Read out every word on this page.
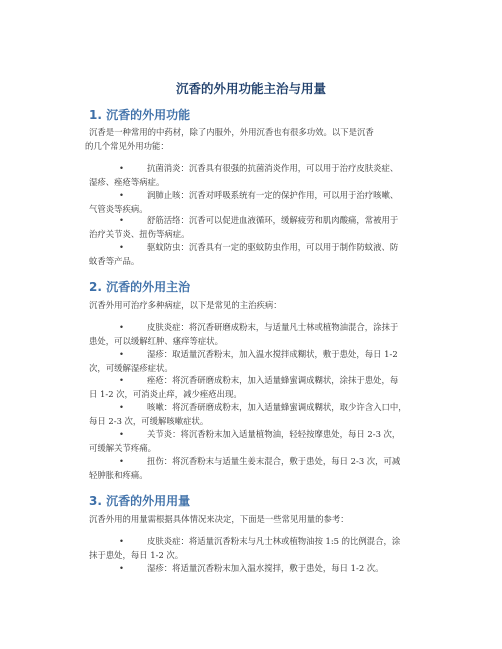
沉香的外用功能主治与用量
1. 沉香的外用功能

沉香是一种常用的中药材，除了内服外，外用沉香也有很多功效。以下是沉香
的几个常见外用功能：

•	抗菌消炎：沉香具有很强的抗菌消炎作用，可以用于治疗皮肤炎症、
湿疹、痤疮等病症。
•	润肺止咳：沉香对呼吸系统有一定的保护作用，可以用于治疗咳嗽、
气管炎等疾病。
•	舒筋活络：沉香可以促进血液循环，缓解疲劳和肌肉酸痛，常被用于
治疗关节炎、扭伤等病症。
•	驱蚊防虫：沉香具有一定的驱蚊防虫作用，可以用于制作防蚊液、防
蚊香等产品。
2. 沉香的外用主治

沉香外用可治疗多种病症，以下是常见的主治疾病：

•	皮肤炎症：将沉香研磨成粉末，与适量凡士林或植物油混合，涂抹于
患处，可以缓解红肿、瘙痒等症状。
•	湿疹：取适量沉香粉末，加入温水搅拌成糊状，敷于患处，每日 1-2
次，可缓解湿疹症状。
•	痤疮：将沉香研磨成粉末，加入适量蜂蜜调成糊状，涂抹于患处，每
日 1-2 次，可消炎止痒，减少痤疮出现。
•	咳嗽：将沉香研磨成粉末，加入适量蜂蜜调成糊状，取少许含入口中，
每日 2-3 次，可缓解咳嗽症状。
•	关节炎：将沉香粉末加入适量植物油，轻轻按摩患处，每日 2-3 次，
可缓解关节疼痛。
•	扭伤：将沉香粉末与适量生姜末混合，敷于患处，每日 2-3 次，可减
轻肿胀和疼痛。
3. 沉香的外用用量

沉香外用的用量需根据具体情况来决定，下面是一些常见用量的参考：

•	皮肤炎症：将适量沉香粉末与凡士林或植物油按 1:5 的比例混合，涂
抹于患处，每日 1-2 次。
•	湿疹：将适量沉香粉末加入温水搅拌，敷于患处，每日 1-2 次。
